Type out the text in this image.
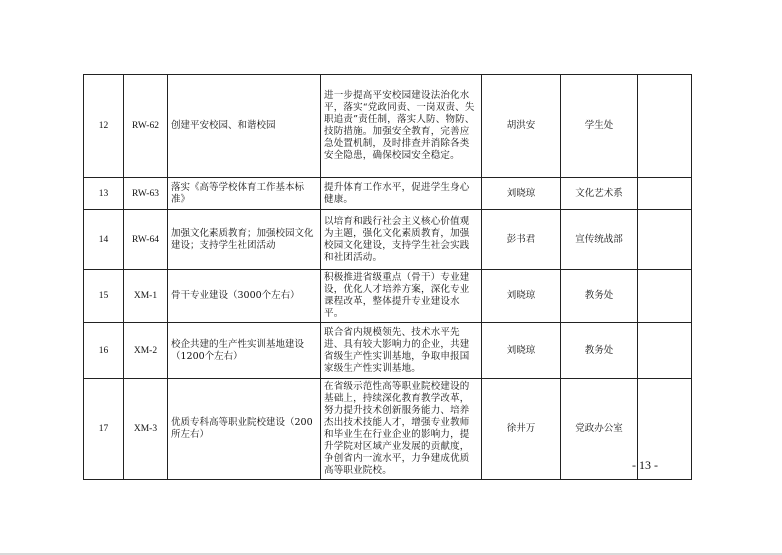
12	RW-62	创建平安校园、和谐校园	进一步提高平安校园建设法治化水平，落实“党政同责、一岗双责、失职追责”责任制，落实人防、物防、技防措施。加强安全教育，完善应急处置机制，及时排查并消除各类安全隐患，确保校园安全稳定。	胡洪安	学生处	
13	RW-63	落实《高等学校体育工作基本标准》	提升体育工作水平，促进学生身心健康。	刘晓琼	文化艺术系	
14	RW-64	加强文化素质教育；加强校园文化建设；支持学生社团活动	以培育和践行社会主义核心价值观为主题，强化文化素质教育，加强校园文化建设，支持学生社会实践和社团活动。	彭书君	宣传统战部	
15	XM-1	骨干专业建设（3000个左右）	积极推进省级重点（骨干）专业建设，优化人才培养方案，深化专业课程改革，整体提升专业建设水平。	刘晓琼	教务处	
16	XM-2	校企共建的生产性实训基地建设（1200个左右）	联合省内规模领先、技术水平先进、具有较大影响力的企业，共建省级生产性实训基地，争取申报国家级生产性实训基地。	刘晓琼	教务处	
17	XM-3	优质专科高等职业院校建设（200所左右）	在省级示范性高等职业院校建设的基础上，持续深化教育教学改革，努力提升技术创新服务能力、培养杰出技术技能人才，增强专业教师和毕业生在行业企业的影响力，提升学院对区域产业发展的贡献度，争创省内一流水平，力争建成优质高等职业院校。	徐井万	党政办公室	
- 13 -
